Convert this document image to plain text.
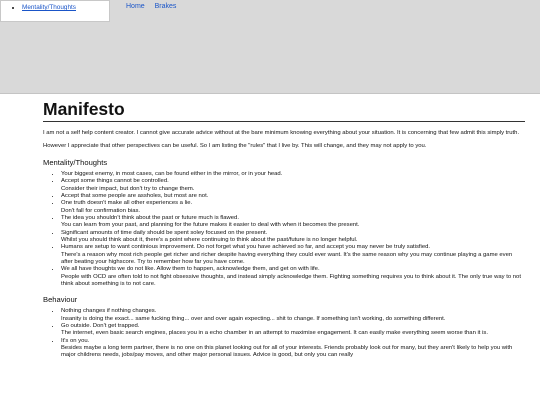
Home Brakes
• Mentality/Thoughts
Manifesto

I am not a self help content creator. I cannot give accurate advice without at the bare minimum knowing everything about your situation. It is concerning that few admit this simply truth.

However I appreciate that other perspectives can be useful. So I am listing the "rules" that I live by. This will change, and they may not apply to you.

Mentality/Thoughts
• Your biggest enemy, in most cases, can be found either in the mirror, or in your head.
• Accept some things cannot be controlled.
Consider their impact, but don't try to change them.
• Accept that some people are assholes, but most are not.
• One truth doesn't make all other experiences a lie.
Don't fall for confirmation bias.
• The idea you shouldn't think about the past or future much is flawed.
You can learn from your past, and planning for the future makes it easier to deal with when it becomes the present.
• Significant amounts of time daily should be spent soley focused on the present.
Whilst you should think about it, there's a point where continuing to think about the past/future is no longer helpful.
• Humans are setup to want continious improvement. Do not forget what you have achieved so far, and accept you may never be truly satisfied.
There's a reason why most rich people get richer and richer despite having everything they could ever want. It's the same reason why you may continue playing a game even after beating your highscore. Try to remember how far you have come.
• We all have thoughts we do not like. Allow them to happen, acknowledge them, and get on with life.
People with OCD are often told to not fight obsessive thoughts, and instead simply acknowledge them. Fighting something requires you to think about it. The only true way to not think about something is to not care.
Behaviour
• Nothing changes if nothing changes.
Insanity is doing the exact... same fucking thing... over and over again expecting... shit to change. If something isn't working, do something different.
• Go outside. Don't get trapped.
The internet, even basic search engines, places you in a echo chamber in an attempt to maximise engagement. It can easily make everything seem worse than it is.
• It's on you.
Besides maybe a long term partner, there is no one on this planet looking out for all of your interests. Friends probably look out for many, but they aren't likely to help you with major childrens needs, jobs/pay moves, and other major personal issues. Advice is good, but only you can really
